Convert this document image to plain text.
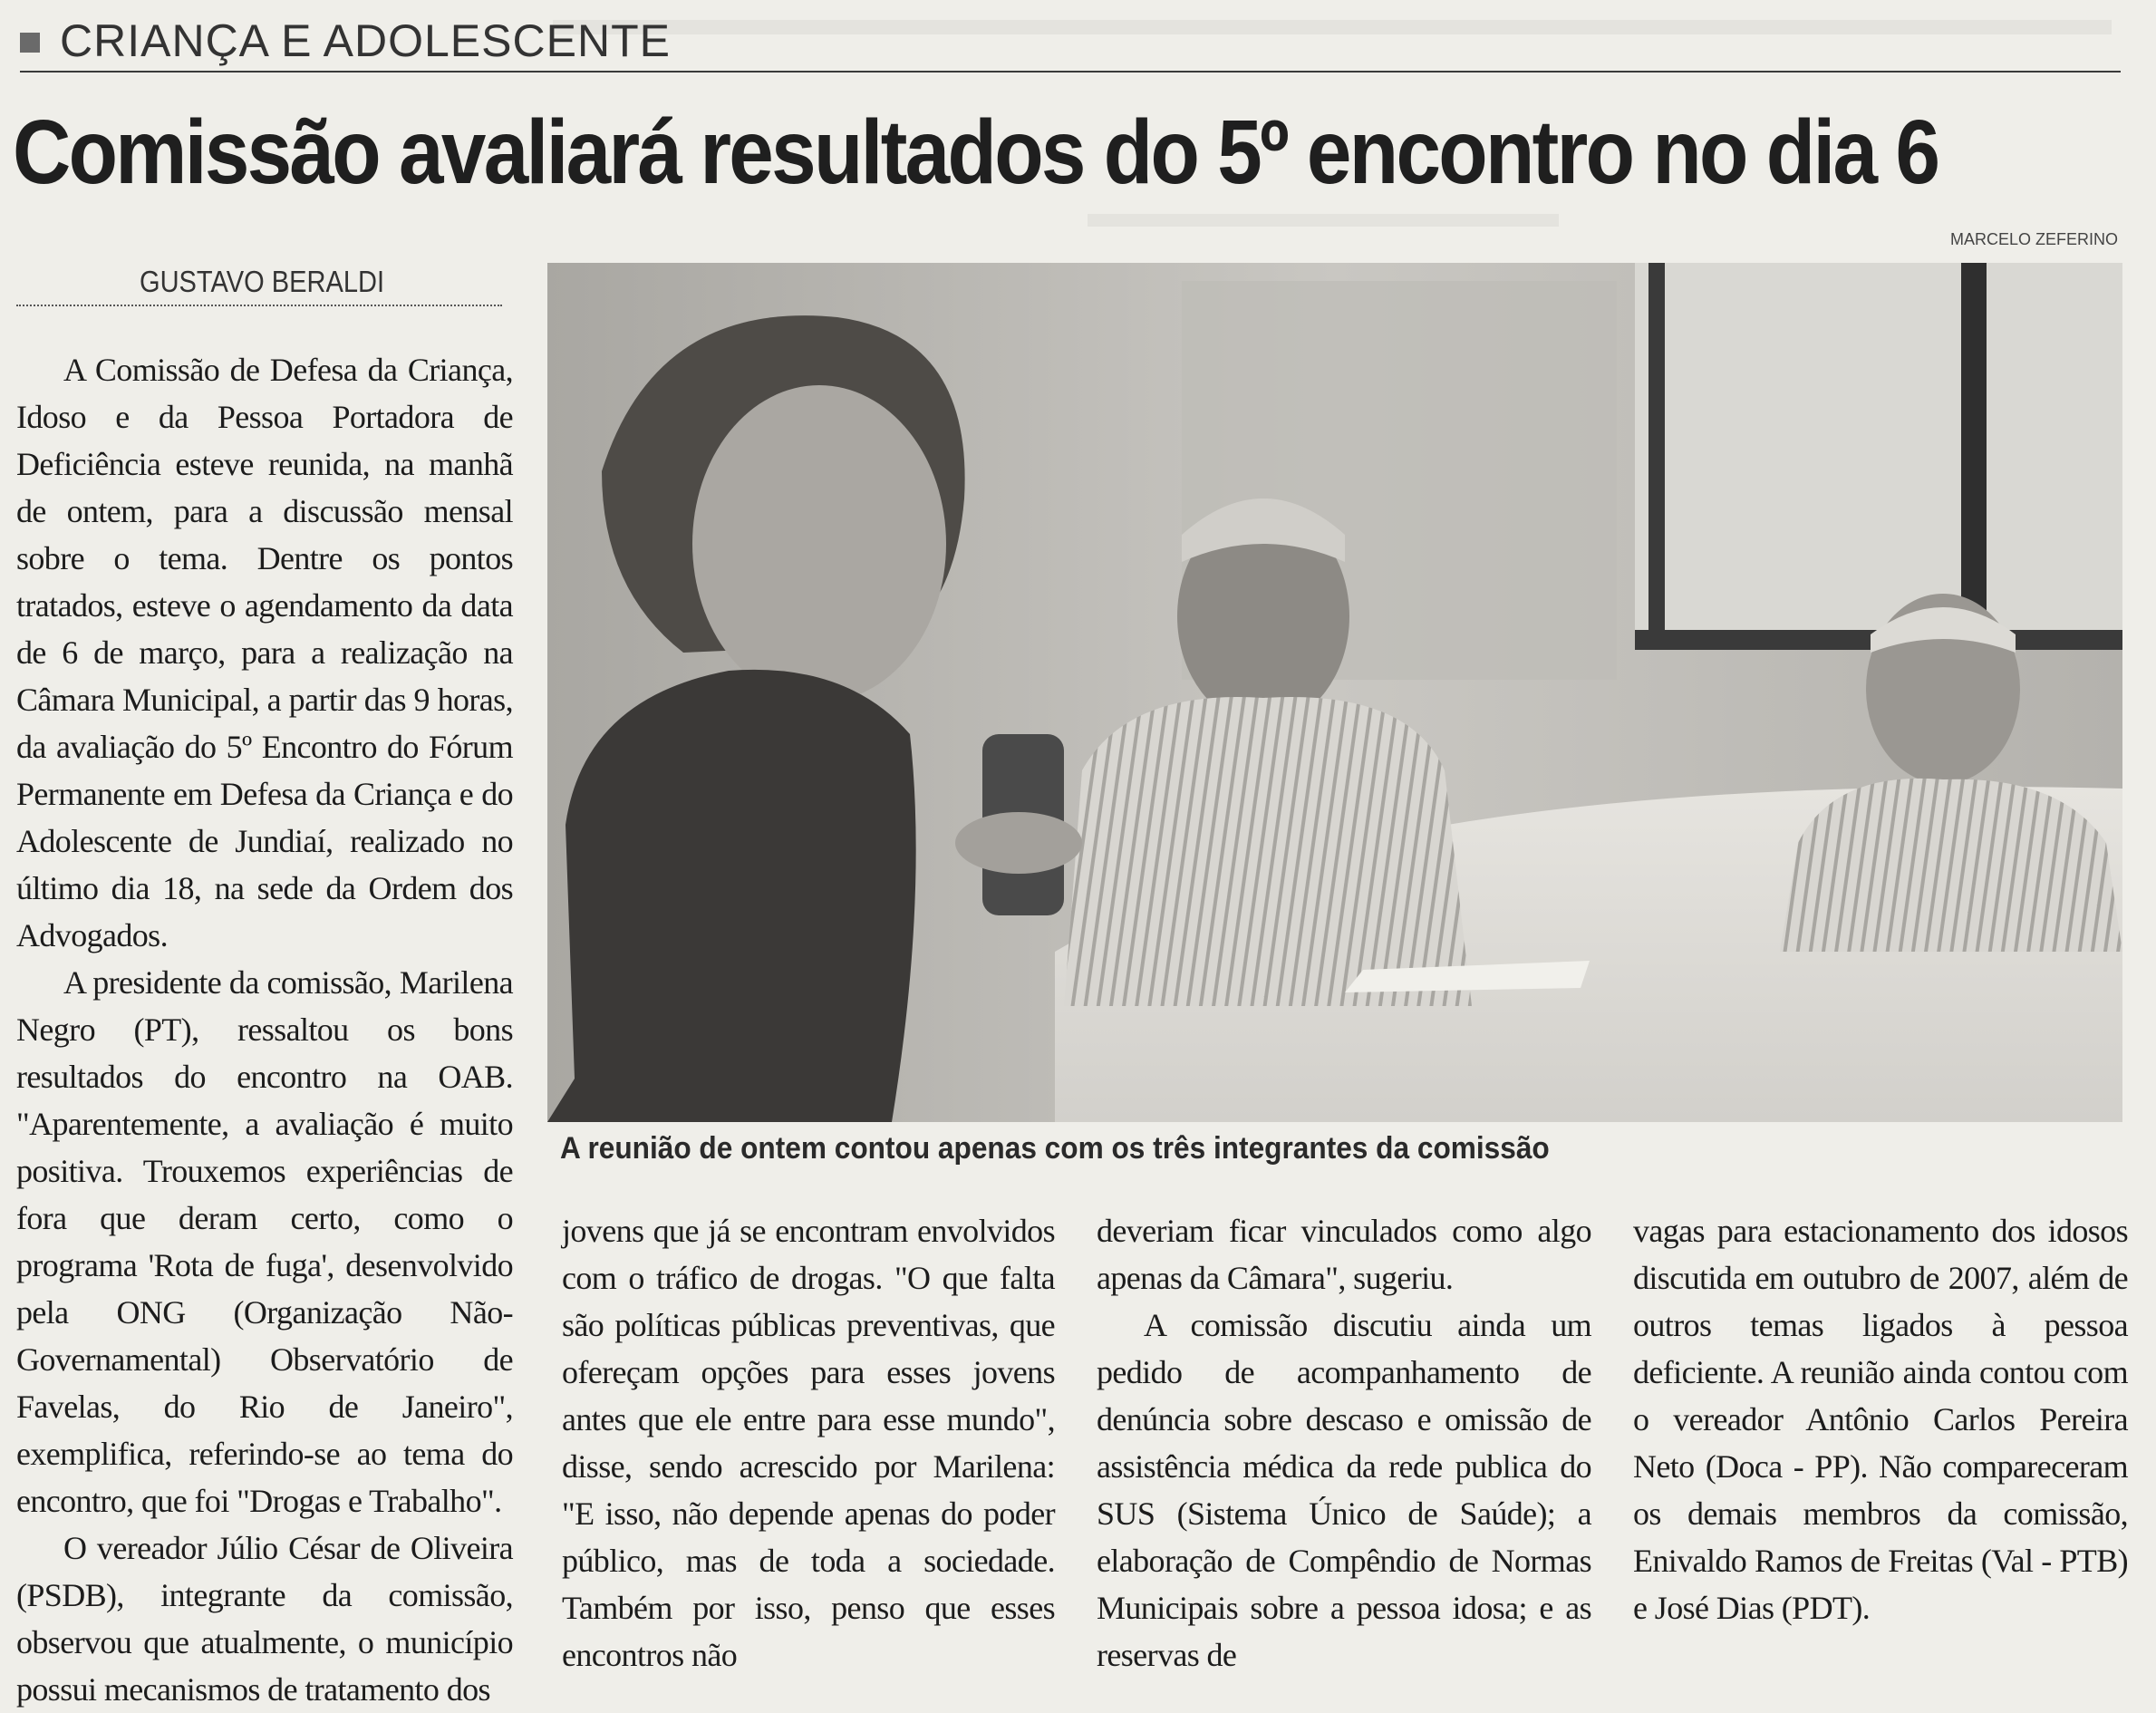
CRIANÇA E ADOLESCENTE
Comissão avaliará resultados do 5º encontro no dia 6
GUSTAVO BERALDI
MARCELO ZEFERINO
A reunião de ontem contou apenas com os três integrantes da comissão

A Comissão de Defesa da Criança, Idoso e da Pessoa Portadora de Deficiência esteve reunida, na manhã de ontem, para a discussão mensal sobre o tema. Dentre os pontos tratados, esteve o agendamento da data de 6 de março, para a realização na Câmara Municipal, a partir das 9 horas, da avaliação do 5º Encontro do Fórum Permanente em Defesa da Criança e do Adolescente de Jundiaí, realizado no último dia 18, na sede da Ordem dos Advogados.

A presidente da comissão, Marilena Negro (PT), ressaltou os bons resultados do encontro na OAB. "Aparentemente, a avaliação é muito positiva. Trouxemos experiências de fora que deram certo, como o programa 'Rota de fuga', desenvolvido pela ONG (Organização Não-Governamental) Observatório de Favelas, do Rio de Janeiro", exemplifica, referindo-se ao tema do encontro, que foi "Drogas e Trabalho".

O vereador Júlio César de Oliveira (PSDB), integrante da comissão, observou que atualmente, o município possui mecanismos de tratamento dos

jovens que já se encontram envolvidos com o tráfico de drogas. "O que falta são políticas públicas preventivas, que ofereçam opções para esses jovens antes que ele entre para esse mundo", disse, sendo acrescido por Marilena: "E isso, não depende apenas do poder público, mas de toda a sociedade. Também por isso, penso que esses encontros não

deveriam ficar vinculados como algo apenas da Câmara", sugeriu.

A comissão discutiu ainda um pedido de acompanhamento de denúncia sobre descaso e omissão de assistência médica da rede publica do SUS (Sistema Único de Saúde); a elaboração de Compêndio de Normas Municipais sobre a pessoa idosa; e as reservas de

vagas para estacionamento dos idosos discutida em outubro de 2007, além de outros temas ligados à pessoa deficiente. A reunião ainda contou com o vereador Antônio Carlos Pereira Neto (Doca - PP). Não compareceram os demais membros da comissão, Enivaldo Ramos de Freitas (Val - PTB) e José Dias (PDT).
